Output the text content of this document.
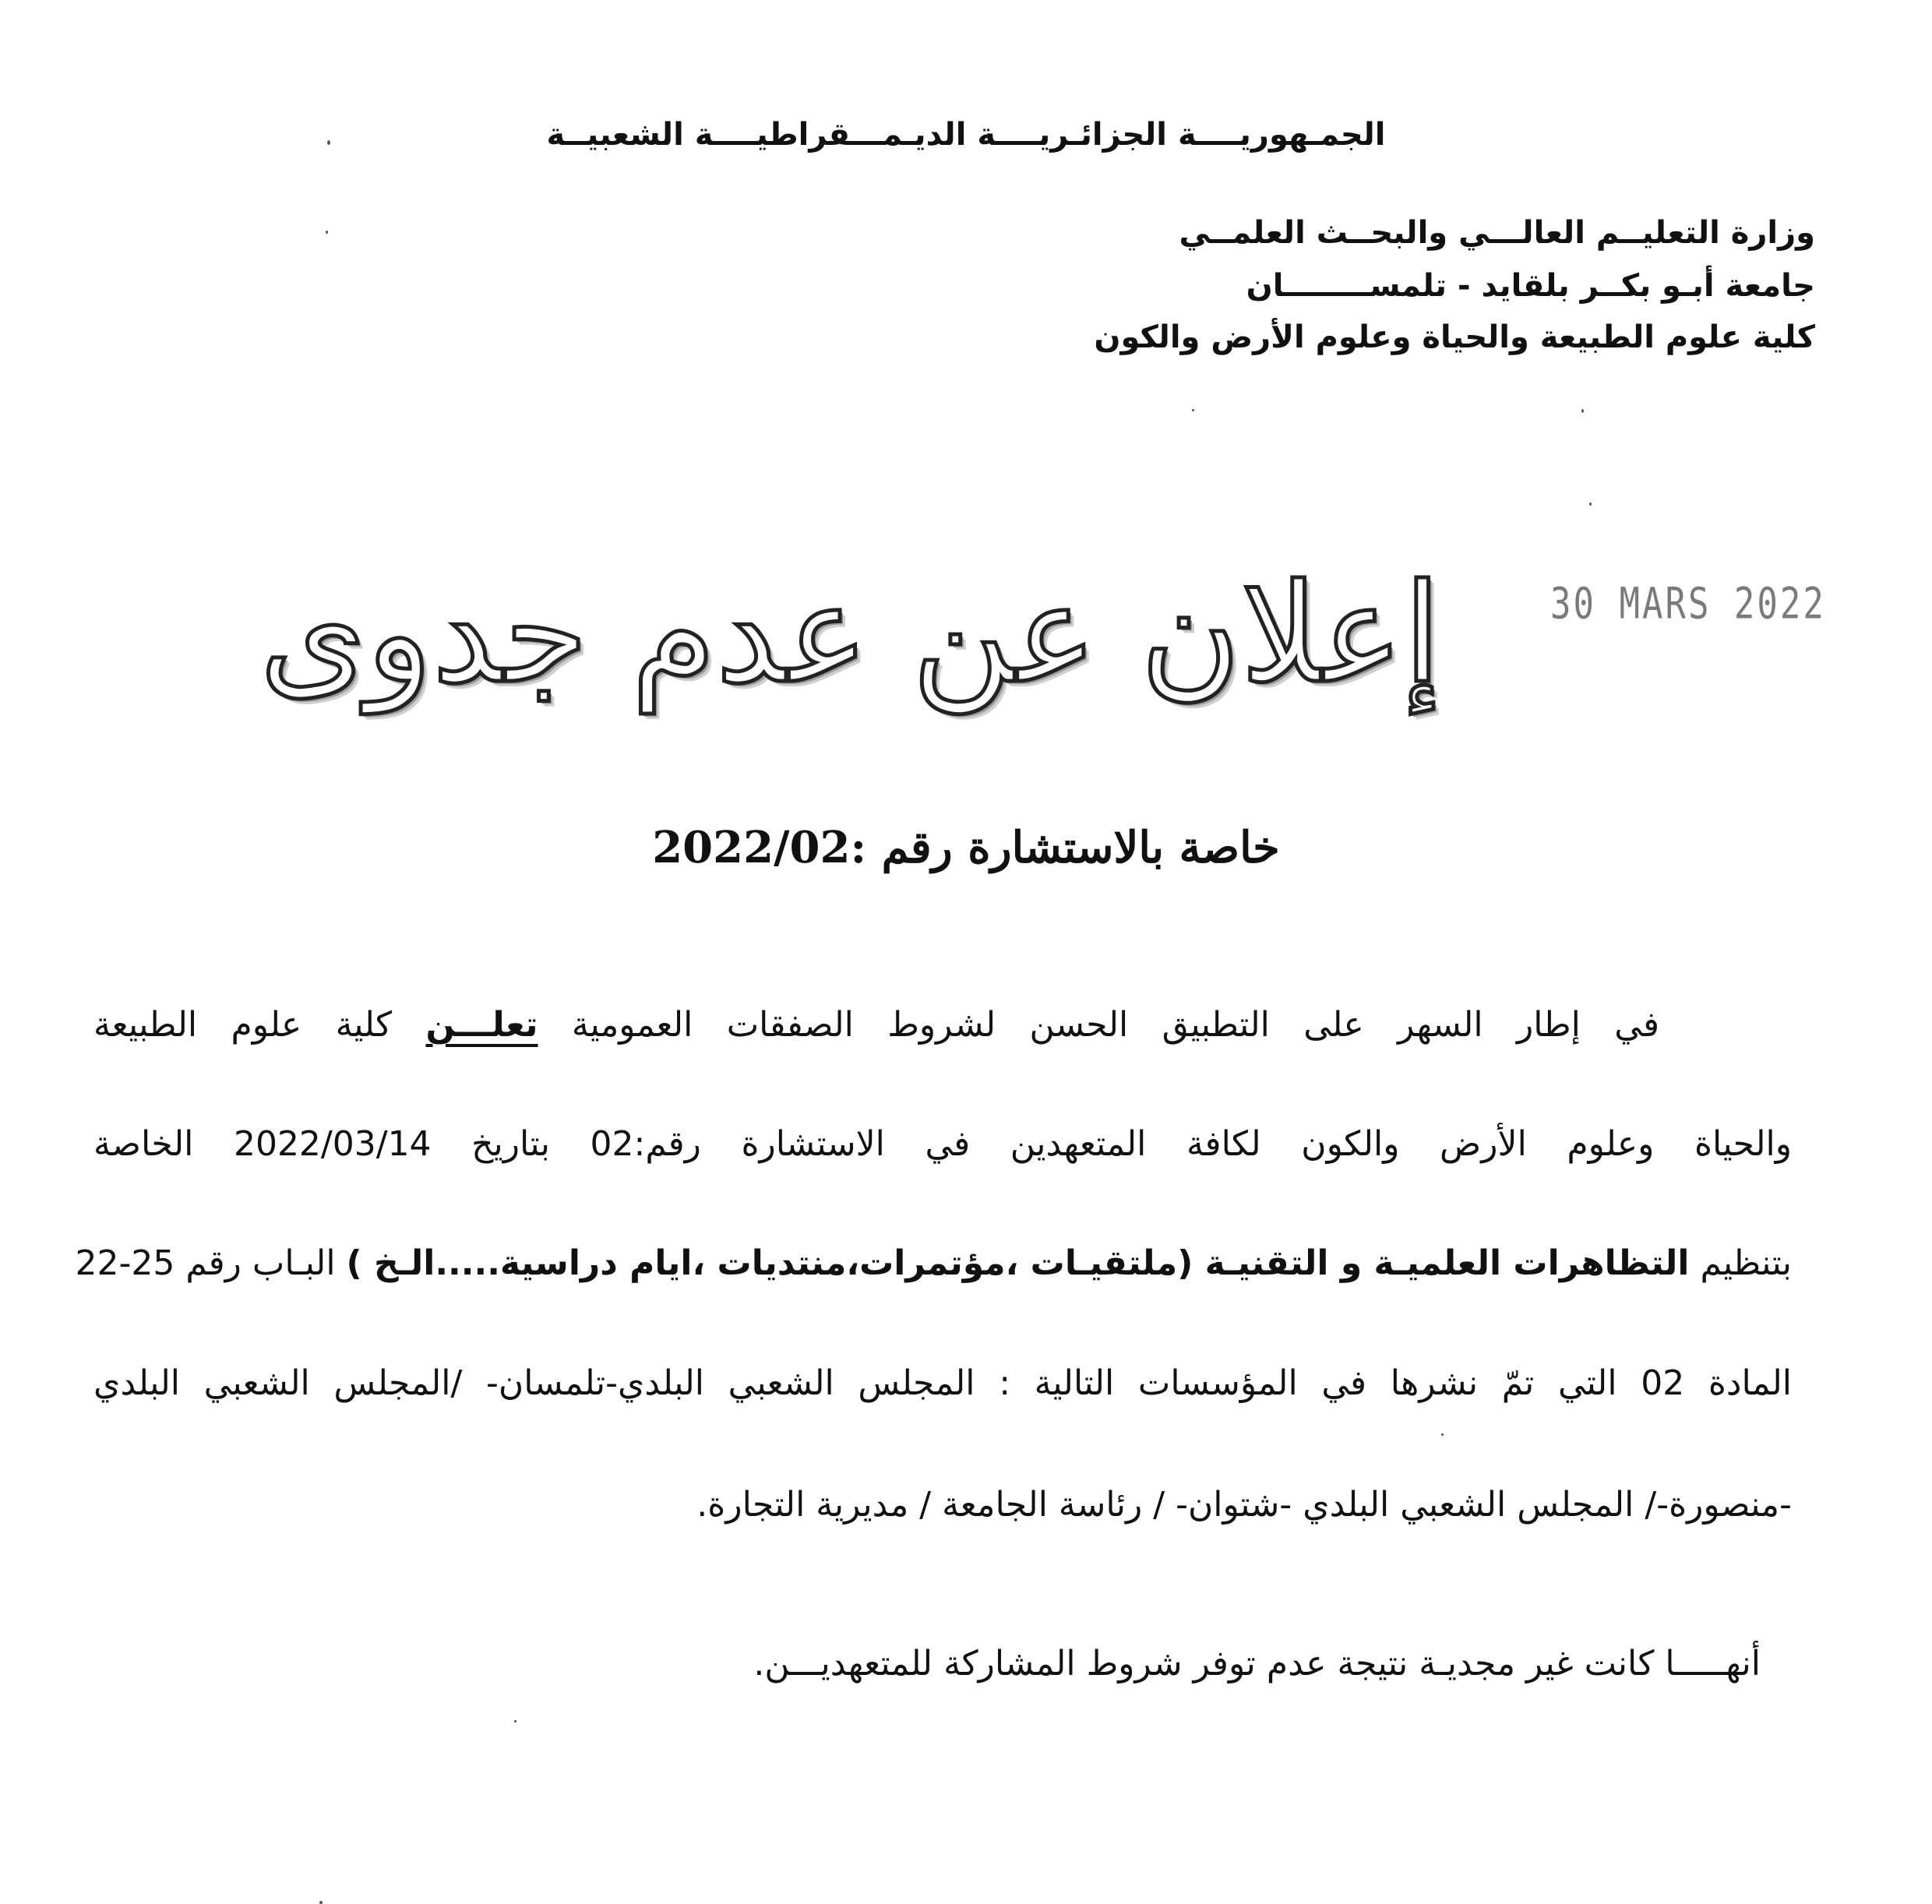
الجمـهوريــــة الجزائـريــــة الديـمـــقراطيــــة الشعبيــة
وزارة التعليــم العالـــي والبحــث العلمــي
جامعة أبـو بكــر بلقايد - تلمســــــــان
كلية علوم الطبيعة والحياة وعلوم الأرض والكون
30 MARS 2022
إعلان عن عدم جدوى
خاصة بالاستشارة رقم :2022/02
في إطار السهر على التطبيق الحسن لشروط الصفقات العمومية تعلـــن كلية علوم الطبيعة
والحياة وعلوم الأرض والكون لكافة المتعهدين في الاستشارة رقم:02 بتاريخ 2022/03/14 الخاصة
بتنظيم التظاهرات العلميـة و التقنيـة (ملتقيـات ،مؤتمرات،منتديات ،ايام دراسية.....الـخ ) البـاب رقم 22-25
المادة 02 التي تمّ نشرها في المؤسسات التالية : المجلس الشعبي البلدي-تلمسان- /المجلس الشعبي البلدي
-منصورة-/ المجلس الشعبي البلدي -شتوان- / رئاسة الجامعة / مديرية التجارة.
أنهـــــا كانت غير مجديـة نتيجة عدم توفر شروط المشاركة للمتعهديـــن.
